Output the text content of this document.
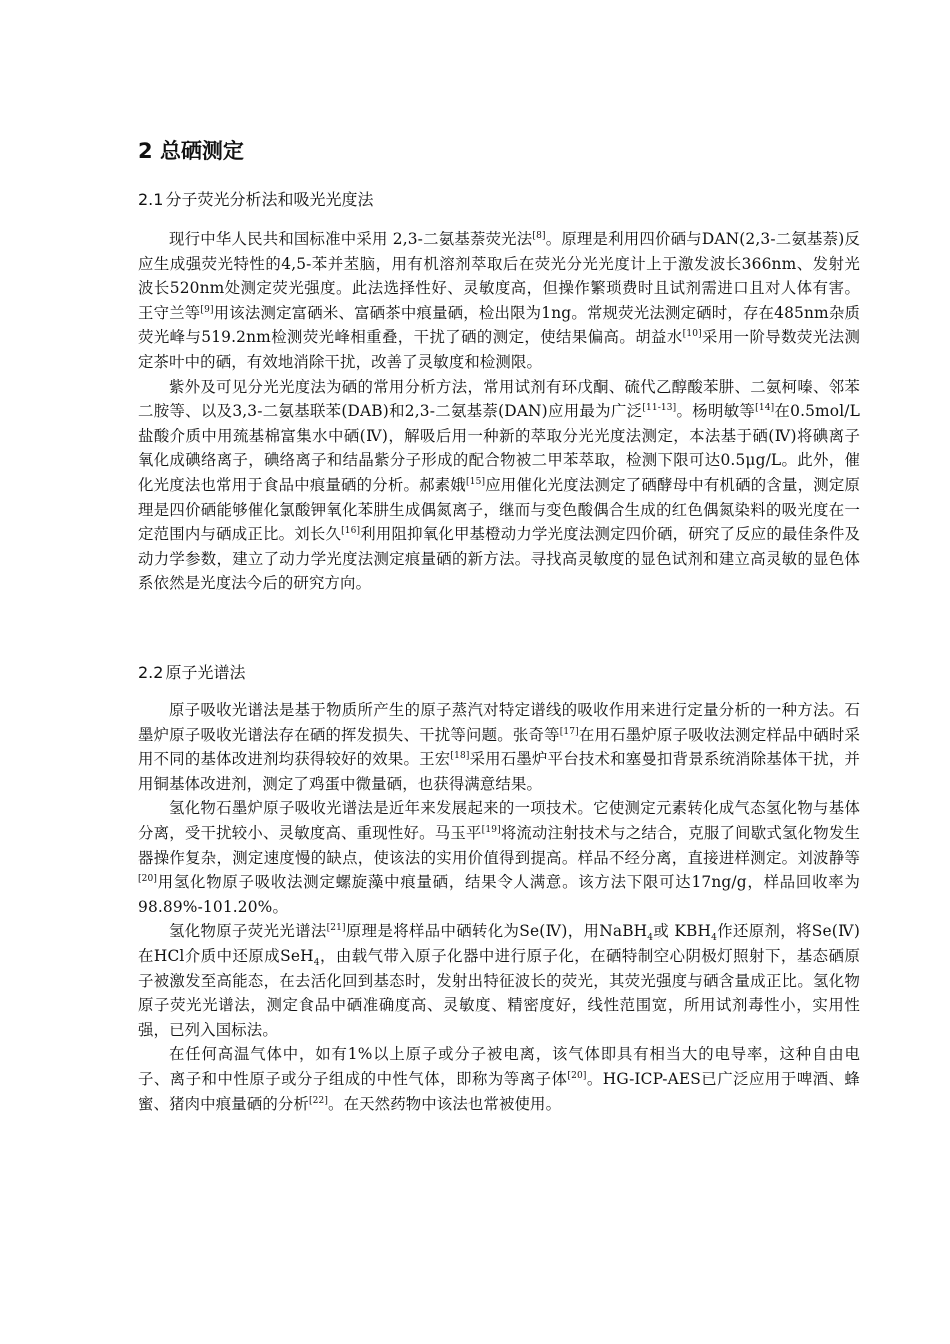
2 总硒测定
2.1 分子荧光分析法和吸光光度法

现行中华人民共和国标准中采用 2,3-二氨基萘荧光法[8]。原理是利用四价硒与DAN(2,3-二氨基萘)反应生成强荧光特性的4,5-苯并苤脑，用有机溶剂萃取后在荧光分光光度计上于激发波长366nm、发射光波长520nm处测定荧光强度。此法选择性好、灵敏度高，但操作繁琐费时且试剂需进口且对人体有害。王守兰等[9]用该法测定富硒米、富硒茶中痕量硒，检出限为1ng。常规荧光法测定硒时，存在485nm杂质荧光峰与519.2nm检测荧光峰相重叠，干扰了硒的测定，使结果偏高。胡益水[10]采用一阶导数荧光法测定茶叶中的硒，有效地消除干扰，改善了灵敏度和检测限。

紫外及可见分光光度法为硒的常用分析方法，常用试剂有环戊酮、硫代乙醇酸苯肼、二氨柯嗪、邻苯二胺等、以及3,3-二氨基联苯(DAB)和2,3-二氨基萘(DAN)应用最为广泛[11-13]。杨明敏等[14]在0.5mol/L盐酸介质中用巯基棉富集水中硒(Ⅳ)，解吸后用一种新的萃取分光光度法测定，本法基于硒(Ⅳ)将碘离子氧化成碘络离子，碘络离子和结晶紫分子形成的配合物被二甲苯萃取，检测下限可达0.5μg/L。此外，催化光度法也常用于食品中痕量硒的分析。郝素娥[15]应用催化光度法测定了硒酵母中有机硒的含量，测定原理是四价硒能够催化氯酸钾氧化苯肼生成偶氮离子，继而与变色酸偶合生成的红色偶氮染料的吸光度在一定范围内与硒成正比。刘长久[16]利用阻抑氧化甲基橙动力学光度法测定四价硒，研究了反应的最佳条件及动力学参数，建立了动力学光度法测定痕量硒的新方法。寻找高灵敏度的显色试剂和建立高灵敏的显色体系依然是光度法今后的研究方向。

2.2 原子光谱法

原子吸收光谱法是基于物质所产生的原子蒸汽对特定谱线的吸收作用来进行定量分析的一种方法。石墨炉原子吸收光谱法存在硒的挥发损失、干扰等问题。张奇等[17]在用石墨炉原子吸收法测定样品中硒时采用不同的基体改进剂均获得较好的效果。王宏[18]采用石墨炉平台技术和塞曼扣背景系统消除基体干扰，并用铜基体改进剂，测定了鸡蛋中微量硒，也获得满意结果。

氢化物石墨炉原子吸收光谱法是近年来发展起来的一项技术。它使测定元素转化成气态氢化物与基体分离，受干扰较小、灵敏度高、重现性好。马玉平[19]将流动注射技术与之结合，克服了间歇式氢化物发生器操作复杂，测定速度慢的缺点，使该法的实用价值得到提高。样品不经分离，直接进样测定。刘波静等[20]用氢化物原子吸收法测定螺旋藻中痕量硒，结果令人满意。该方法下限可达17ng/g，样品回收率为98.89%-101.20%。

氢化物原子荧光光谱法[21]原理是将样品中硒转化为Se(Ⅳ)，用NaBH$_4$或 $KBH_4$作还原剂，将Se(Ⅳ)在HCl介质中还原成SeH$_4$，由载气带入原子化器中进行原子化，在硒特制空心阴极灯照射下，基态硒原子被激发至高能态，在去活化回到基态时，发射出特征波长的荧光，其荧光强度与硒含量成正比。氢化物原子荧光光谱法，测定食品中硒准确度高、灵敏度、精密度好，线性范围宽，所用试剂毒性小，实用性强，已列入国标法。

在任何高温气体中，如有1%以上原子或分子被电离，该气体即具有相当大的电导率，这种自由电子、离子和中性原子或分子组成的中性气体，即称为等离子体[20]。HG-ICP-AES已广泛应用于啤酒、蜂蜜、猪肉中痕量硒的分析[22]。在天然药物中该法也常被使用。
